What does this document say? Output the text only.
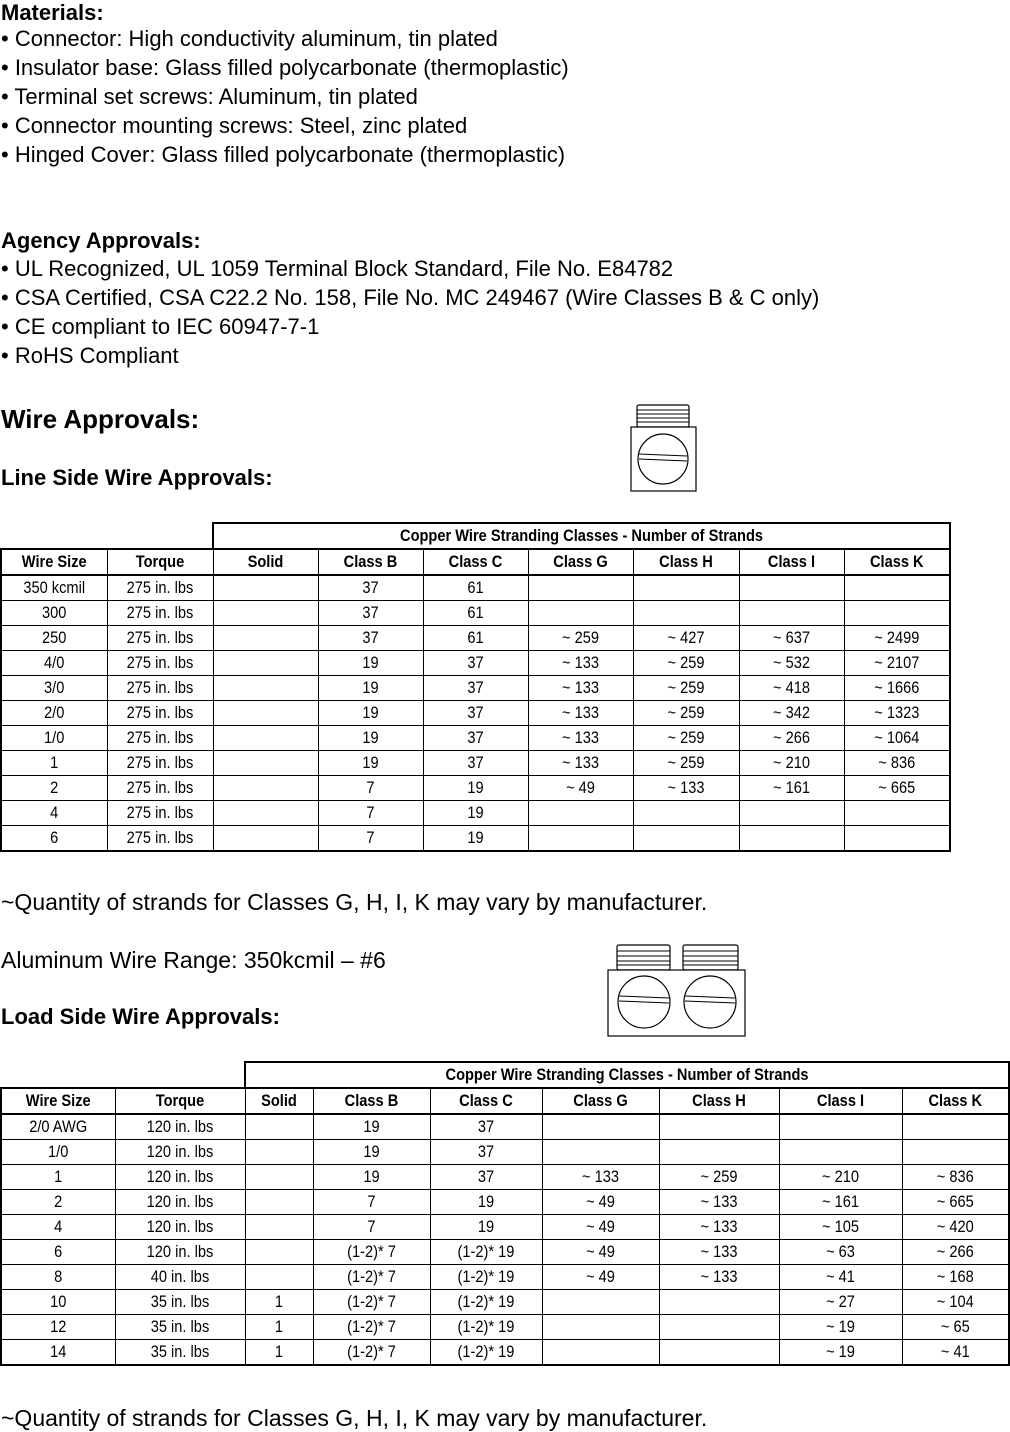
Materials:
• Connector: High conductivity aluminum, tin plated
• Insulator base: Glass filled polycarbonate (thermoplastic)
• Terminal set screws: Aluminum, tin plated
• Connector mounting screws: Steel, zinc plated
• Hinged Cover: Glass filled polycarbonate (thermoplastic)
Agency Approvals:
• UL Recognized, UL 1059 Terminal Block Standard, File No. E84782
• CSA Certified, CSA C22.2 No. 158, File No. MC 249467 (Wire Classes B & C only)
• CE compliant to IEC 60947-7-1
• RoHS Compliant
Wire Approvals:
Line Side Wire Approvals:
		Copper Wire Stranding Classes - Number of Strands						
Wire Size	Torque	Solid	Class B	Class C	Class G	Class H	Class I	Class K
350 kcmil	275 in. lbs		37	61				
300	275 in. lbs		37	61				
250	275 in. lbs		37	61	~ 259	~ 427	~ 637	~ 2499
4/0	275 in. lbs		19	37	~ 133	~ 259	~ 532	~ 2107
3/0	275 in. lbs		19	37	~ 133	~ 259	~ 418	~ 1666
2/0	275 in. lbs		19	37	~ 133	~ 259	~ 342	~ 1323
1/0	275 in. lbs		19	37	~ 133	~ 259	~ 266	~ 1064
1	275 in. lbs		19	37	~ 133	~ 259	~ 210	~ 836
2	275 in. lbs		7	19	~ 49	~ 133	~ 161	~ 665
4	275 in. lbs		7	19				
6	275 in. lbs		7	19				
~Quantity of strands for Classes G, H, I, K may vary by manufacturer.
Aluminum Wire Range: 350kcmil – #6
Load Side Wire Approvals:
		Copper Wire Stranding Classes - Number of Strands						
Wire Size	Torque	Solid	Class B	Class C	Class G	Class H	Class I	Class K
2/0 AWG	120 in. lbs		19	37				
1/0	120 in. lbs		19	37				
1	120 in. lbs		19	37	~ 133	~ 259	~ 210	~ 836
2	120 in. lbs		7	19	~ 49	~ 133	~ 161	~ 665
4	120 in. lbs		7	19	~ 49	~ 133	~ 105	~ 420
6	120 in. lbs		(1-2)* 7	(1-2)* 19	~ 49	~ 133	~ 63	~ 266
8	40 in. lbs		(1-2)* 7	(1-2)* 19	~ 49	~ 133	~ 41	~ 168
10	35 in. lbs	1	(1-2)* 7	(1-2)* 19			~ 27	~ 104
12	35 in. lbs	1	(1-2)* 7	(1-2)* 19			~ 19	~ 65
14	35 in. lbs	1	(1-2)* 7	(1-2)* 19			~ 19	~ 41
~Quantity of strands for Classes G, H, I, K may vary by manufacturer.
